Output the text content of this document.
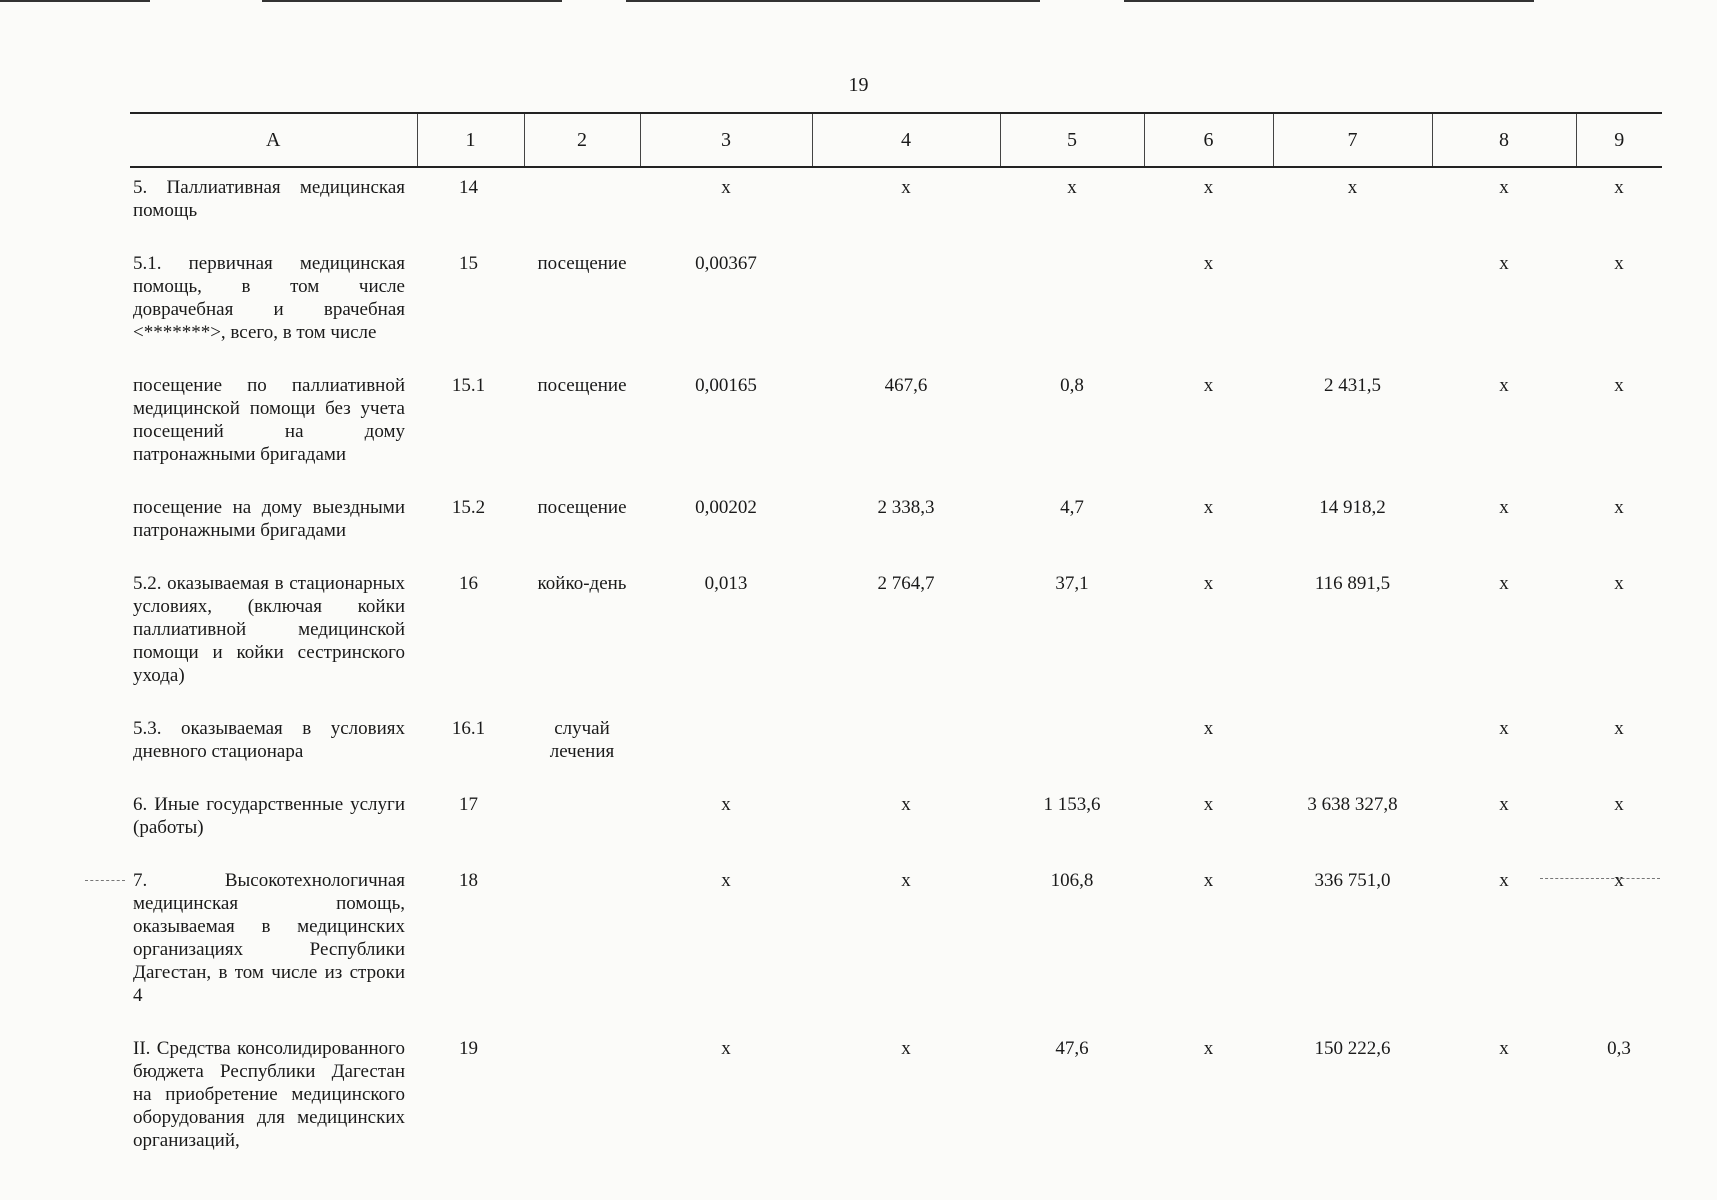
19
А	1	2	3	4	5	6	7	8	9
5. Паллиативная медицинская помощь	14		х	х	х	х	х	х	х
5.1. первичная медицинская помощь, в том числе доврачебная и врачебная <*******>, всего, в том числе	15	посещение	0,00367			х		х	х
посещение по паллиативной медицинской помощи без учета посещений на дому патронажными бригадами	15.1	посещение	0,00165	467,6	0,8	х	2 431,5	х	х
посещение на дому выездными патронажными бригадами	15.2	посещение	0,00202	2 338,3	4,7	х	14 918,2	х	х
5.2. оказываемая в стационарных условиях, (включая койки паллиативной медицинской помощи и койки сестринского ухода)	16	койко-день	0,013	2 764,7	37,1	х	116 891,5	х	х
5.3. оказываемая в условиях дневного стационара	16.1	случай лечения				х		х	х
6. Иные государственные услуги (работы)	17		х	х	1 153,6	х	3 638 327,8	х	х
7. Высокотехнологичная медицинская помощь, оказываемая в медицинских организациях Республики Дагестан, в том числе из строки 4	18		х	х	106,8	х	336 751,0	х	х
II. Средства консолидированного бюджета Республики Дагестан на приобретение медицинского оборудования для медицинских организаций,	19		х	х	47,6	х	150 222,6	х	0,3
